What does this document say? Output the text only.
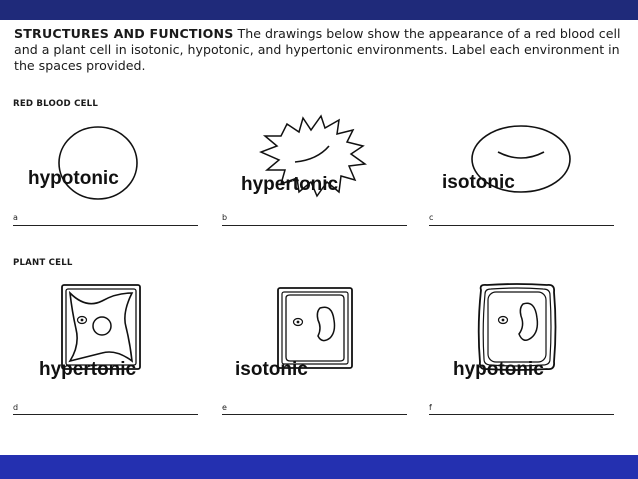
STRUCTURES AND FUNCTIONS The drawings below show the appearance of a red blood cell and a plant cell in isotonic, hypotonic, and hypertonic environments. Label each environment in the spaces provided.

RED BLOOD CELL
hypotonic
a
hypertonic
b
isotonic
c
PLANT CELL
hypertonic
d
isotonic
e
hypotonic
f
